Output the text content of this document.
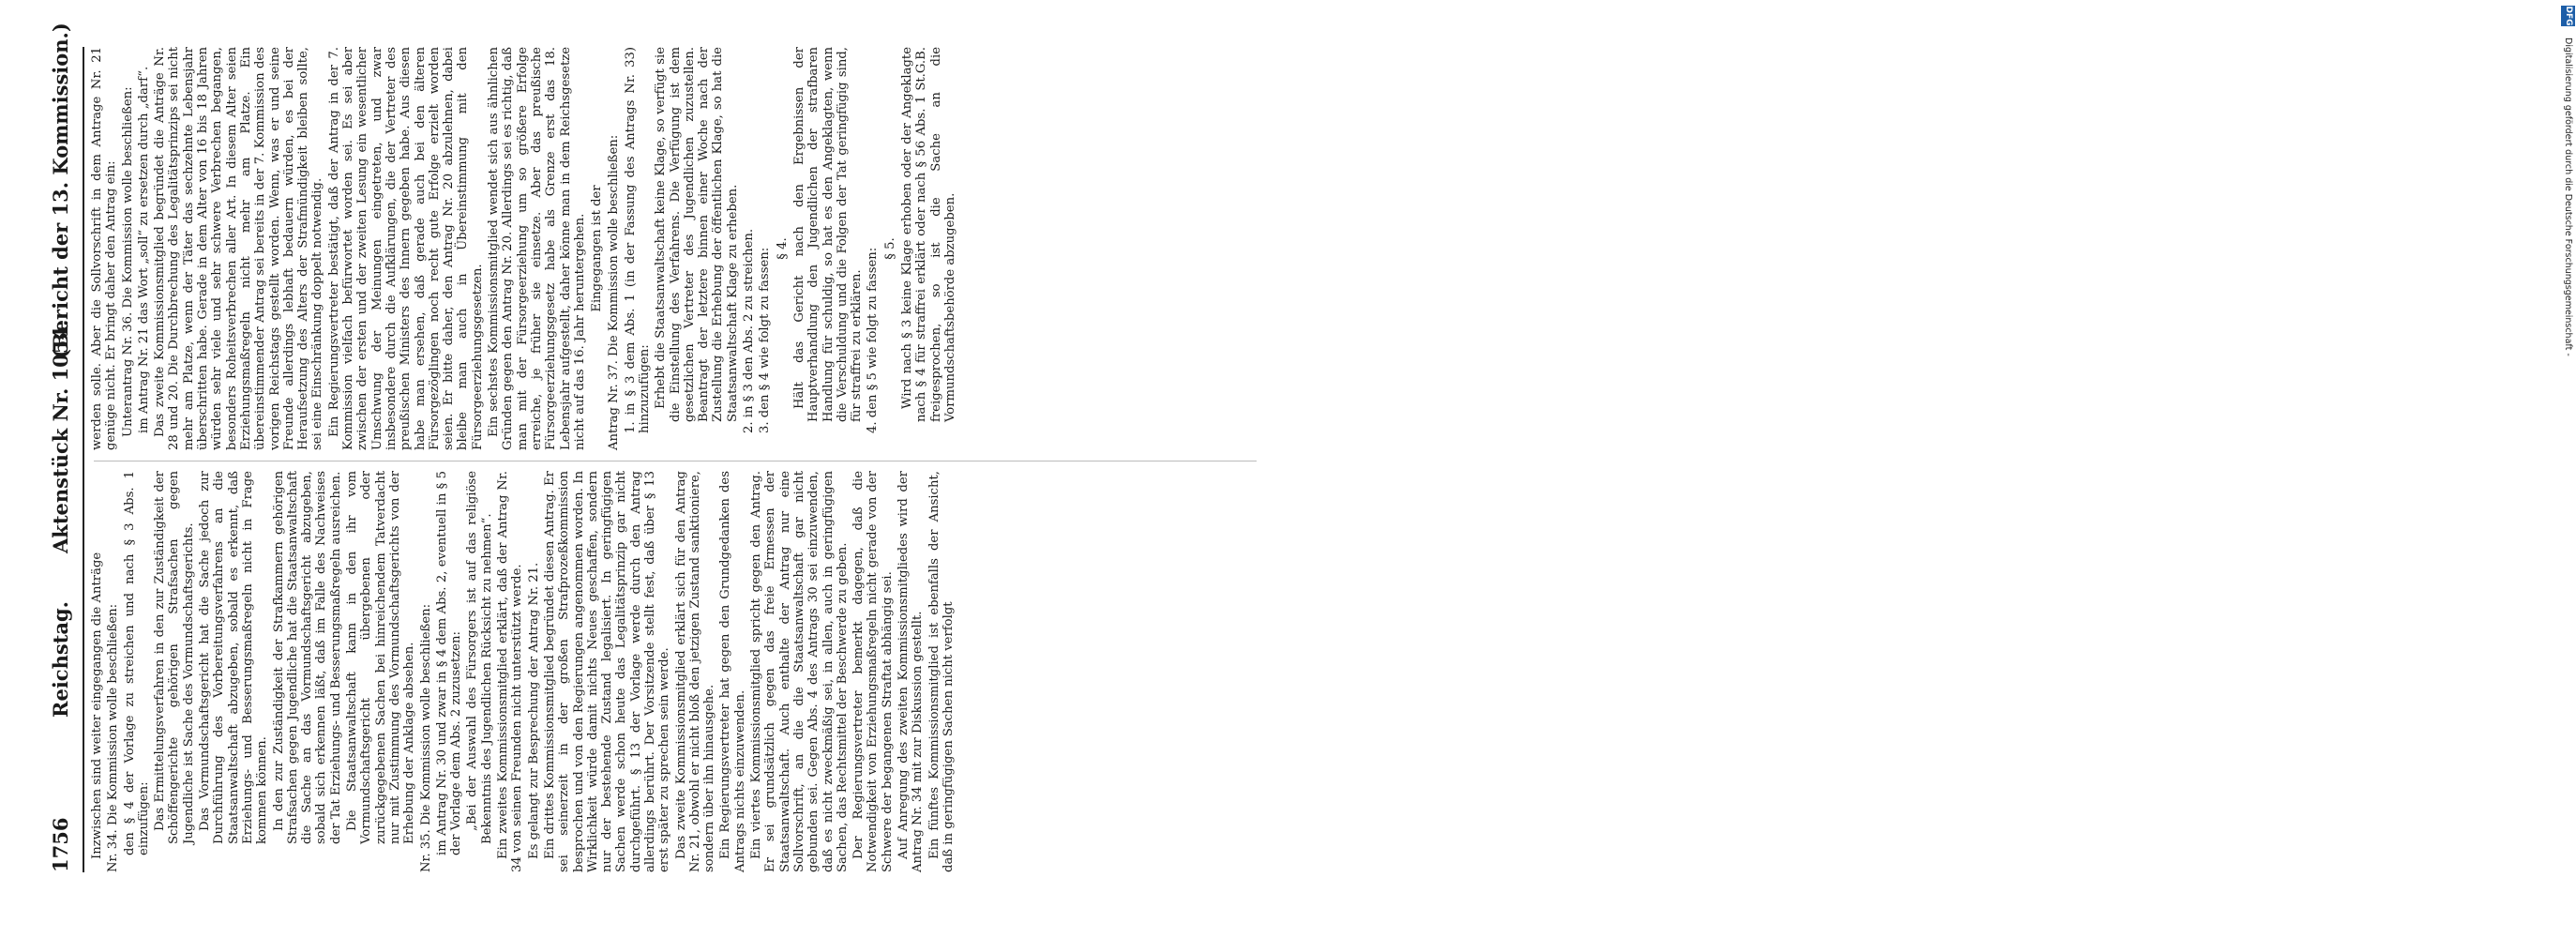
1756
Reichstag.
Aktenstück Nr. 1054.
(Bericht der 13. Kommission.)

Inzwischen sind weiter eingegangen die Anträge Nr. 34. Die Kommission wolle beschließen: den § 4 der Vorlage zu streichen und nach § 3 Abs. 1 einzufügen: Das Ermittelungsverfahren in den zur Zuständigkeit der Schöffengerichte gehörigen Strafsachen gegen Jugendliche ist Sache des Vormundschaftsgerichts. Das Vormundschaftsgericht hat die Sache jedoch zur Durchführung des Vorbereitungsverfahrens an die Staatsanwaltschaft abzugeben, sobald es erkennt, daß Erziehungs- und Besserungsmaßregeln nicht in Frage kommen können. In den zur Zuständigkeit der Strafkammern gehörigen Strafsachen gegen Jugendliche hat die Staatsanwaltschaft die Sache an das Vormundschaftsgericht abzugeben, sobald sich erkennen läßt, daß im Falle des Nachweises der Tat Erziehungs- und Besserungsmaßregeln ausreichen. Die Staatsanwaltschaft kann in den ihr vom Vormundschaftsgericht übergebenen oder zurückgegebenen Sachen bei hinreichendem Tatverdacht nur mit Zustimmung des Vormundschaftsgerichts von der Erhebung der Anklage absehen. Nr. 35. Die Kommission wolle beschließen: im Antrag Nr. 30 und zwar in § 4 dem Abs. 2, eventuell in § 5 der Vorlage dem Abs. 2 zuzusetzen: „Bei der Auswahl des Fürsorgers ist auf das religiöse Bekenntnis des Jugendlichen Rücksicht zu nehmen“. Ein zweites Kommissionsmitglied erklärt, daß der Antrag Nr. 34 von seinen Freunden nicht unterstützt werde. Es gelangt zur Besprechung der Antrag Nr. 21. Ein drittes Kommissionsmitglied begründet diesen Antrag. Er sei seinerzeit in der großen Strafprozeßkommission besprochen und von den Regierungen angenommen worden. In Wirklichkeit würde damit nichts Neues geschaffen, sondern nur der bestehende Zustand legalisiert. In geringfügigen Sachen werde schon heute das Legalitätsprinzip gar nicht durchgeführt. § 13 der Vorlage werde durch den Antrag allerdings berührt. Der Vorsitzende stellt fest, daß über § 13 erst später zu sprechen sein werde. Das zweite Kommissionsmitglied erklärt sich für den Antrag Nr. 21, obwohl er nicht bloß den jetzigen Zustand sanktioniere, sondern über ihn hinausgehe. Ein Regierungsvertreter hat gegen den Grundgedanken des Antrags nichts einzuwenden. Ein viertes Kommissionsmitglied spricht gegen den Antrag. Er sei grundsätzlich gegen das freie Ermessen der Staatsanwaltschaft. Auch enthalte der Antrag nur eine Sollvorschrift, an die die Staatsanwaltschaft gar nicht gebunden sei. Gegen Abs. 4 des Antrags 30 sei einzuwenden, daß es nicht zweckmäßig sei, in allen, auch in geringfügigen Sachen, das Rechtsmittel der Beschwerde zu geben. Der Regierungsvertreter bemerkt dagegen, daß die Notwendigkeit von Erziehungsmaßregeln nicht gerade von der Schwere der begangenen Straftat abhängig sei. Auf Anregung des zweiten Kommissionsmitgliedes wird der Antrag Nr. 34 mit zur Diskussion gestellt. Ein fünftes Kommissionsmitglied ist ebenfalls der Ansicht, daß in geringfügigen Sachen nicht verfolgt

werden solle. Aber die Sollvorschrift in dem Antrage Nr. 21 genüge nicht. Er bringt daher den Antrag ein: Unterantrag Nr. 36. Die Kommission wolle beschließen: im Antrag Nr. 21 das Wort „soll“ zu ersetzen durch „darf“. Das zweite Kommissionsmitglied begründet die Anträge Nr. 28 und 20. Die Durchbrechung des Legalitätsprinzips sei nicht mehr am Platze, wenn der Täter das sechzehnte Lebensjahr überschritten habe. Gerade in dem Alter von 16 bis 18 Jahren würden sehr viele und sehr schwere Verbrechen begangen, besonders Roheitsverbrechen aller Art. In diesem Alter seien Erziehungsmaßregeln nicht mehr am Platze. Ein übereinstimmender Antrag sei bereits in der 7. Kommission des vorigen Reichstags gestellt worden. Wenn, was er und seine Freunde allerdings lebhaft bedauern würden, es bei der Heraufsetzung des Alters der Strafmündigkeit bleiben sollte, sei eine Einschränkung doppelt notwendig. Ein Regierungsvertreter bestätigt, daß der Antrag in der 7. Kommission vielfach befürwortet worden sei. Es sei aber zwischen der ersten und der zweiten Lesung ein wesentlicher Umschwung der Meinungen eingetreten, und zwar insbesondere durch die Aufklärungen, die der Vertreter des preußischen Ministers des Innern gegeben habe. Aus diesen habe man ersehen, daß gerade auch bei den älteren Fürsorgezöglingen noch recht gute Erfolge erzielt worden seien. Er bitte daher, den Antrag Nr. 20 abzulehnen, dabei bleibe man auch in Übereinstimmung mit den Fürsorgeerziehungsgesetzen. Ein sechstes Kommissionsmitglied wendet sich aus ähnlichen Gründen gegen den Antrag Nr. 20. Allerdings sei es richtig, daß man mit der Fürsorgeerziehung um so größere Erfolge erreiche, je früher sie einsetze. Aber das preußische Fürsorgeerziehungsgesetz habe als Grenze erst das 18. Lebensjahr aufgestellt, daher könne man in dem Reichsgesetze nicht auf das 16. Jahr heruntergehen. Eingegangen ist der Antrag Nr. 37. Die Kommission wolle beschließen: 1. in § 3 dem Abs. 1 (in der Fassung des Antrags Nr. 33) hinzuzufügen: Erhebt die Staatsanwaltschaft keine Klage, so verfügt sie die Einstellung des Verfahrens. Die Verfügung ist dem gesetzlichen Vertreter des Jugendlichen zuzustellen. Beantragt der letztere binnen einer Woche nach der Zustellung die Erhebung der öffentlichen Klage, so hat die Staatsanwaltschaft Klage zu erheben. 2. in § 3 den Abs. 2 zu streichen. 3. den § 4 wie folgt zu fassen: § 4. Hält das Gericht nach den Ergebnissen der Hauptverhandlung den Jugendlichen der strafbaren Handlung für schuldig, so hat es den Angeklagten, wenn die Verschuldung und die Folgen der Tat geringfügig sind, für straffrei zu erklären. 4. den § 5 wie folgt zu fassen: § 5. Wird nach § 3 keine Klage erhoben oder der Angeklagte nach § 4 für straffrei erklärt oder nach § 56 Abs. 1 St.G.B. freigesprochen, so ist die Sache an die Vormundschaftsbehörde abzugeben.

DFG
Digitalisierung gefördert durch die Deutsche Forschungsgemeinschaft -
